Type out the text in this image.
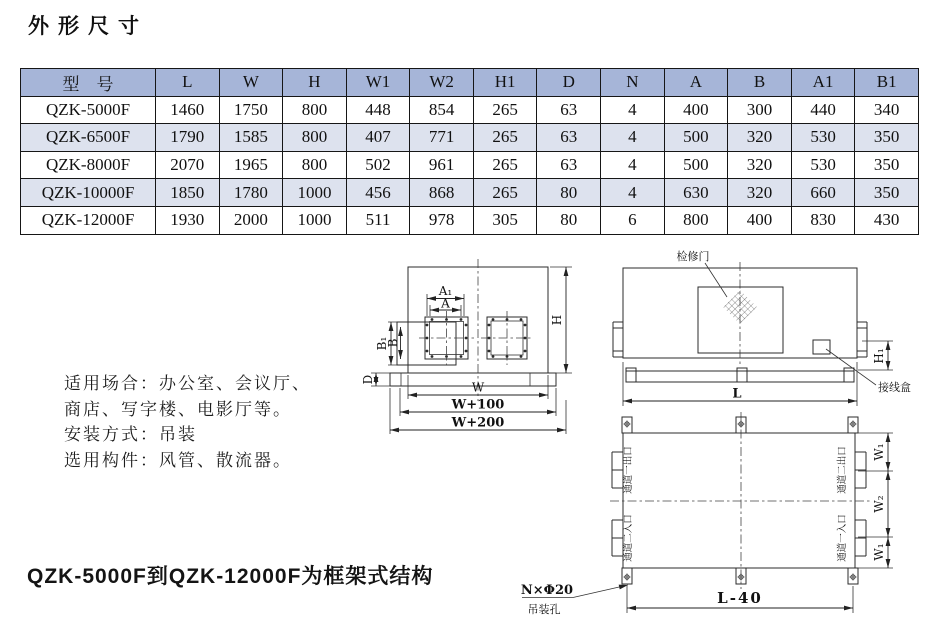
外形尺寸
型　号	L	W	H	W1	W2	H1	D	N	A	B	A1	B1
QZK-5000F	1460	1750	800	448	854	265	63	4	400	300	440	340
QZK-6500F	1790	1585	800	407	771	265	63	4	500	320	530	350
QZK-8000F	2070	1965	800	502	961	265	63	4	500	320	530	350
QZK-10000F	1850	1780	1000	456	868	265	80	4	630	320	660	350
QZK-12000F	1930	2000	1000	511	978	305	80	6	800	400	830	430
适用场合：办公室、会议厅、
商店、写字楼、电影厅等。
安装方式：吊装
选用构件：风管、散流器。
QZK-5000F到QZK-12000F为框架式结构
A₁
A
B₁
B
H
D
W
W+100
W+200
检修门
接线盒
H₁
L
通道一出口
通道二入口
通道二出口
通道一入口
W₁
W₂
W₁
L-40
N×Φ20
吊装孔
